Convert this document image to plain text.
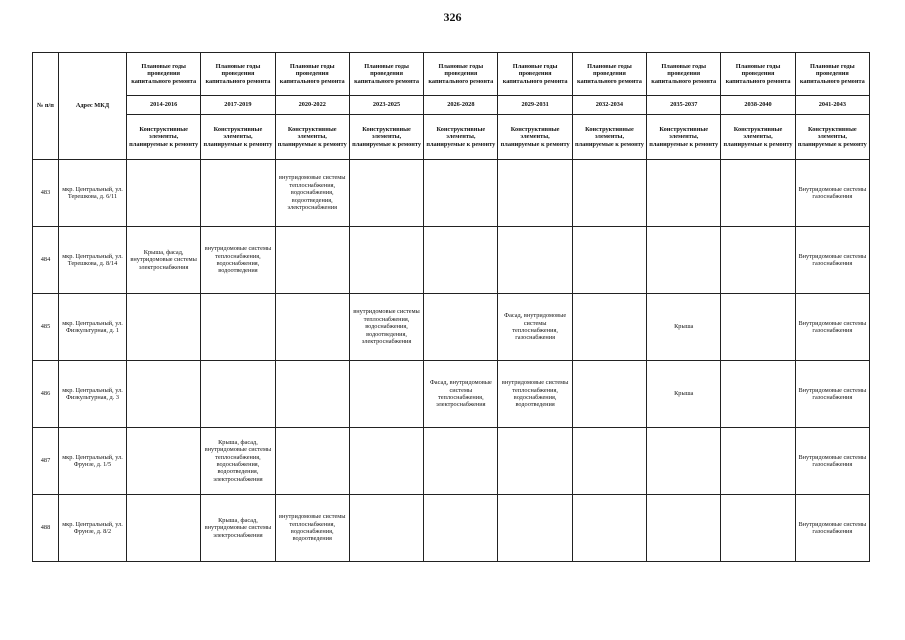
326
№ п/п	Адрес МКД	Плановые годы проведения капитального ремонта	Плановые годы проведения капитального ремонта	Плановые годы проведения капитального ремонта	Плановые годы проведения капитального ремонта	Плановые годы проведения капитального ремонта	Плановые годы проведения капитального ремонта	Плановые годы проведения капитального ремонта	Плановые годы проведения капитального ремонта	Плановые годы проведения капитального ремонта	Плановые годы проведения капитального ремонта
		2014-2016	2017-2019	2020-2022	2023-2025	2026-2028	2029-2031	2032-2034	2035-2037	2038-2040	2041-2043
		Конструктивные элементы, планируемые к ремонту	Конструктивные элементы, планируемые к ремонту	Конструктивные элементы, планируемые к ремонту	Конструктивные элементы, планируемые к ремонту	Конструктивные элементы, планируемые к ремонту	Конструктивные элементы, планируемые к ремонту	Конструктивные элементы, планируемые к ремонту	Конструктивные элементы, планируемые к ремонту	Конструктивные элементы, планируемые к ремонту	Конструктивные элементы, планируемые к ремонту
483	мкр. Центральный, ул. Терешкова, д. 6/11			внутридомовые системы теплоснабжения, водоснабжения, водоотведения, электроснабжения							Внутридомовые системы газоснабжения
484	мкр. Центральный, ул. Терешкова, д. 8/14	Крыша, фасад, внутридомовые системы электроснабжения	внутридомовые системы теплоснабжения, водоснабжения, водоотведения								Внутридомовые системы газоснабжения
485	мкр. Центральный, ул. Физкультурная, д. 1				внутридомовые системы теплоснабжения, водоснабжения, водоотведения, электроснабжения		Фасад, внутридомовые системы теплоснабжения, газоснабжения		Крыша		Внутридомовые системы газоснабжения
486	мкр. Центральный, ул. Физкультурная, д. 3					Фасад, внутридомовые системы теплоснабжения, электроснабжения	внутридомовые системы теплоснабжения, водоснабжения, водоотведения		Крыша		Внутридомовые системы газоснабжения
487	мкр. Центральный, ул. Фрунзе, д. 1/5		Крыша, фасад, внутридомовые системы теплоснабжения, водоснабжения, водоотведения, электроснабжения								Внутридомовые системы газоснабжения
488	мкр. Центральный, ул. Фрунзе, д. 8/2		Крыша, фасад, внутридомовые системы электроснабжения	внутридомовые системы теплоснабжения, водоснабжения, водоотведения							Внутридомовые системы газоснабжения
